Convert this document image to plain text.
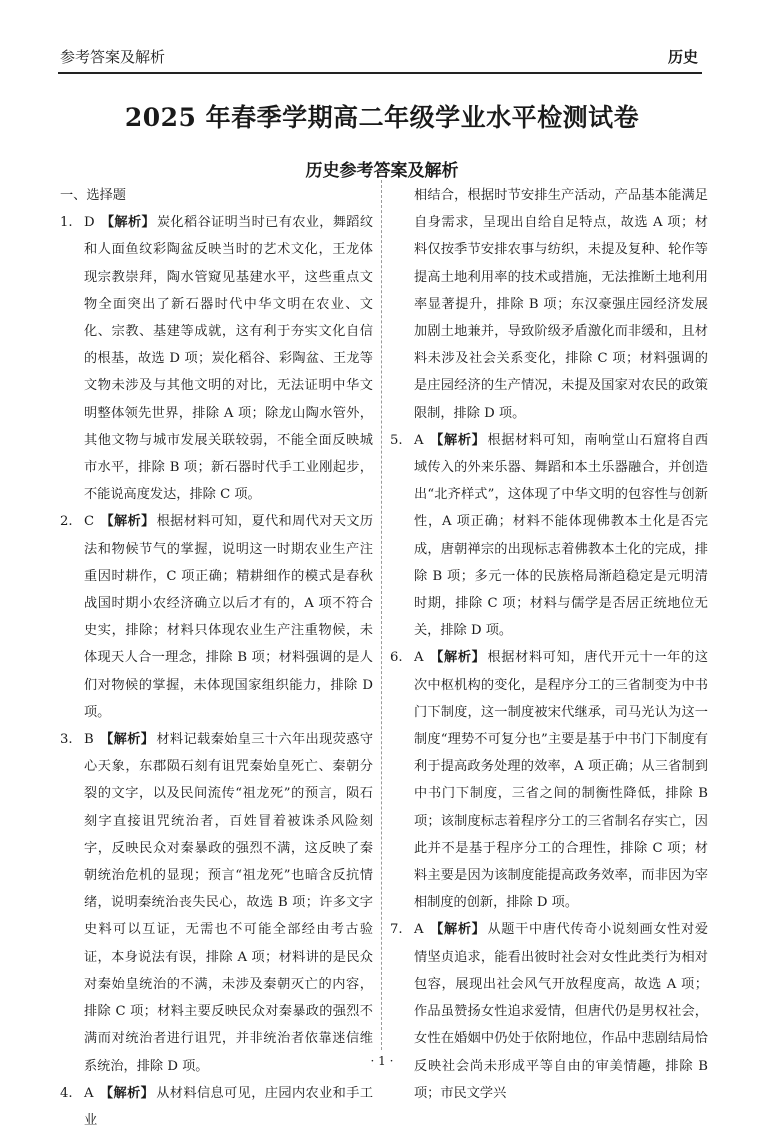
参考答案及解析	历史
2025 年春季学期高二年级学业水平检测试卷
历史参考答案及解析

一、选择题

1. D 【解析】 炭化稻谷证明当时已有农业，舞蹈纹和人面鱼纹彩陶盆反映当时的艺术文化，王龙体现宗教崇拜，陶水管窥见基建水平，这些重点文物全面突出了新石器时代中华文明在农业、文化、宗教、基建等成就，这有利于夯实文化自信的根基，故选 D 项；炭化稻谷、彩陶盆、王龙等文物未涉及与其他文明的对比，无法证明中华文明整体领先世界，排除 A 项；除龙山陶水管外，其他文物与城市发展关联较弱，不能全面反映城市水平，排除 B 项；新石器时代手工业刚起步，不能说高度发达，排除 C 项。

2. C 【解析】 根据材料可知，夏代和周代对天文历法和物候节气的掌握，说明这一时期农业生产注重因时耕作，C 项正确；精耕细作的模式是春秋战国时期小农经济确立以后才有的，A 项不符合史实，排除；材料只体现农业生产注重物候，未体现天人合一理念，排除 B 项；材料强调的是人们对物候的掌握，未体现国家组织能力，排除 D 项。

3. B 【解析】 材料记载秦始皇三十六年出现荧惑守心天象，东郡陨石刻有诅咒秦始皇死亡、秦朝分裂的文字，以及民间流传“祖龙死”的预言，陨石刻字直接诅咒统治者，百姓冒着被诛杀风险刻字，反映民众对秦暴政的强烈不满，这反映了秦朝统治危机的显现；预言“祖龙死”也暗含反抗情绪，说明秦统治丧失民心，故选 B 项；许多文字史料可以互证，无需也不可能全部经由考古验证，本身说法有误，排除 A 项；材料讲的是民众对秦始皇统治的不满，未涉及秦朝灭亡的内容，排除 C 项；材料主要反映民众对秦暴政的强烈不满而对统治者进行诅咒，并非统治者依靠迷信维系统治，排除 D 项。

4. A 【解析】 从材料信息可见，庄园内农业和手工业

相结合，根据时节安排生产活动，产品基本能满足自身需求，呈现出自给自足特点，故选 A 项；材料仅按季节安排农事与纺织，未提及复种、轮作等提高土地利用率的技术或措施，无法推断土地利用率显著提升，排除 B 项；东汉豪强庄园经济发展加剧土地兼并，导致阶级矛盾激化而非缓和，且材料未涉及社会关系变化，排除 C 项；材料强调的是庄园经济的生产情况，未提及国家对农民的政策限制，排除 D 项。

5. A 【解析】 根据材料可知，南响堂山石窟将自西域传入的外来乐器、舞蹈和本土乐器融合，并创造出“北齐样式”，这体现了中华文明的包容性与创新性，A 项正确；材料不能体现佛教本土化是否完成，唐朝禅宗的出现标志着佛教本土化的完成，排除 B 项；多元一体的民族格局渐趋稳定是元明清时期，排除 C 项；材料与儒学是否居正统地位无关，排除 D 项。

6. A 【解析】 根据材料可知，唐代开元十一年的这次中枢机构的变化，是程序分工的三省制变为中书门下制度，这一制度被宋代继承，司马光认为这一制度“理势不可复分也”主要是基于中书门下制度有利于提高政务处理的效率，A 项正确；从三省制到中书门下制度，三省之间的制衡性降低，排除 B 项；该制度标志着程序分工的三省制名存实亡，因此并不是基于程序分工的合理性，排除 C 项；材料主要是因为该制度能提高政务效率，而非因为宰相制度的创新，排除 D 项。

7. A 【解析】 从题干中唐代传奇小说刻画女性对爱情坚贞追求，能看出彼时社会对女性此类行为相对包容，展现出社会风气开放程度高，故选 A 项；作品虽赞扬女性追求爱情，但唐代仍是男权社会，女性在婚姻中仍处于依附地位，作品中悲剧结局恰反映社会尚未形成平等自由的审美情趣，排除 B 项；市民文学兴

· 1 ·
